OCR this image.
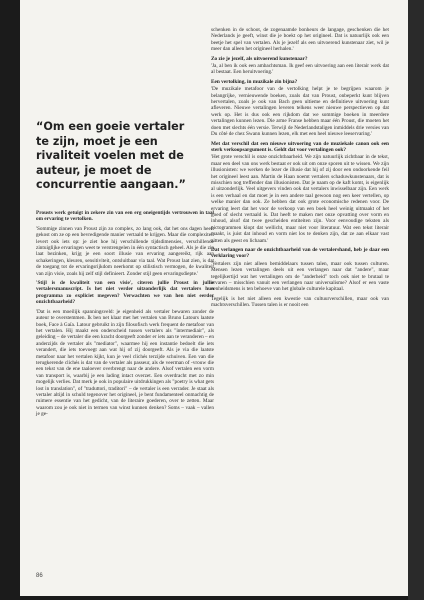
“Om een goeie vertaler te zijn, moet je een rivaliteit voelen met de auteur, je moet de concurrentie aangaan.”

Prousts werk getuigt in zekere zin van een erg oneigentijds vertrouwen in taal om ervaring te vertolken.

'Sommige zinnen van Proust zijn zo complex, zo lang ook, dat het ons dagen heeft gekost om ze op een bevredigende manier vertaald te krijgen. Maar die complexiteit levert ook iets op: je ziet hoe hij verschillende tijdsdimensies, verschillende zintuiglijke ervaringen weet te verstrengelen in één syntactisch geheel. Als je die zin laat bezinken, krijg je een soort illusie van ervaring aangereikt, rijk aan schakeringen, kleuren, sensitiviteit, ontsluitbaar via taal. Wat Proust laat zien, is dat de toegang tot de ervaringsrijkdom neerkomt op stilistisch vermogen, de kwaliteit van zijn visie, zoals hij zelf stijl definieert. Zonder stijl geen ervaringsdiepte.'

'Stijl is de kwaliteit van een visie', citeren jullie Proust in jullie vertalersmanuscript. Is het niet verder uitzonderlijk dat vertalers hun programma zo expliciet megeven? Verwachten we van hen niet eerder onzichtbaarheid?

'Dat is een moeilijk spanningsveld: je eigenheid als vertaler bewaren zonder de auteur te overstemmen. Ik ben net klaar met het vertalen van Bruno Latours laatste boek, Face à Gaïa. Latour gebruikt in zijn filosofisch werk frequent de metafoor van het vertalen. Hij maakt een onderscheid tussen vertalers als "intermediair", als geleiding – de vertaler die een kracht doorgeeft zonder er iets aan te veranderen – en anderzijds de vertaler als "mediator", waarmee hij een instantie bedoelt die iets verandert, die iets toevoegt aan wat hij of zij doorgeeft. Als je via die laatste metafoor naar het vertalen kijkt, kun je veel clichés terzijde schuiven. Een van die terugkerende clichés is dat van de vertaler als passeur, als de veerman of -vrouw die een tekst van de ene taaloever overbrengt naar de andere. Alsof vertalen een vorm van transport is, waarbij je een lading intact overzet. Een overdracht met zo min mogelijk verlies. Dat merk je ook in populaire uitdrukkingen als "poetry is what gets lost in translation", of "traduttori, traditori" – de vertaler is een verrader. Je staat als vertaler altijd in schuld tegenover het origineel, je bent fundamenteel onmachtig de ruimere essentie van het gedicht, van de literaire goederen, over te zetten. Maar waarom zou je ook niet in termen van winst kunnen denken? Soms – vaak – vallen je ge-

schenken in de schoot, de zogenaamde bonheurs de langage, geschenken die het Nederlands je geeft, winst die je boekt op het origineel. Dat is natuurlijk ook een beetje het spel van vertalen. Als je jezelf als een uitvoerend kunstenaar ziet, wil je meer dan alleen het origineel herhalen.'

Zo zie je jezelf, als uitvoerend kunstenaar?

'Ja, al ben ik ook een ambachtsman. Ik geef een uitvoering aan een literair werk dat al bestaat. Een heruitvoering.'

Een vertolking, in muzikale zin bijna?

'De muzikale metafoor van de vertolking helpt je te begrijpen waarom je belangrijke, vernieuwende boeken, zoals dat van Proust, onbeperkt kunt blijven hervertalen, zoals je ook van Bach geen ultieme en definitieve uitvoering kunt afleveren. Nieuwe vertalingen leveren telkens weer nieuwe perspectieven op dat werk op. Het is dus ook een rijkdom dat we sommige boeken in meerdere vertalingen kunnen lezen. Die arme Franse hebben maar één Proust, die moeten het doen met slechts één versie. Terwijl de Nederlandstaligen inmiddels drie versies van Du côté de chez Swann kunnen lezen, elk met een heel nieuwe leeservaring.'

Met dat verschil dat een nieuwe uitvoering van de muziekale canon ook een sterk verkoopsargument is. Geldt dat voor vertalingen ook?

'Het grote verschil is onze onzichtbaarheid. We zijn natuurlijk zichtbaar in de tekst, maar een deel van ons werk bestaat er ook uit om onze sporen uit te wissen. We zijn illusionisten: we werken de lezer de illusie dat hij of zij door een ondoorkende feil het origineel leest aan. Martin de Haan noemt vertalers schaduwkunstenaars, dat is misschien nog treffender dan illusionisten. Dat je naam op de kaft komt, is eigenlijk al uitzonderlijk. Veel uitgevers vinden ook dat vertalers inwisselbaar zijn. Een werk is een verhaal en dat moet je in een andere taal gewoon nog een keer vertellen, op welke manier dan ook. Ze hebben dat ook grote economische redenen voor. De ervaring leert dat het voor de verkoop van een boek heel weinig uitmaakt of het goed of slecht vertaald is. Dat heeft te maken met onze opvatting over vorm en inhoud, alsof dat twee gescheiden entiteiten zijn. Voor eenvoudige teksten als pictogrammen klopt dat wellicht, maar niet voor literatuur. Wat een tekst literair maakt, is juist dat inhoud en vorm niet los te denken zijn, dat ze aan elkaar vast zitten als geest en lichaam.'

Dat verlangen naar de onzichtbaarheid van de vertalershand, heb je daar een verklaring voor?

'Vertalers zijn niet alleen bemiddelaars tussen talen, maar ook tussen culturen. Mensen lezen vertalingen deels uit een verlangen naar dat "andere", maar tegelijkertijd wat het vertalingen om de "anderheid" toch ook niet te brutaal te ervaren – misschien vanuit een verlangen naar universalisme? Alsof er een vaste eenheidsmens is ten behoeve van het globale culturele kapitaal.

Tegelijk is het niet alleen een kwestie van cultuurverschillen, maar ook van machtsverschillen. Tussen talen is er nooit een

86
